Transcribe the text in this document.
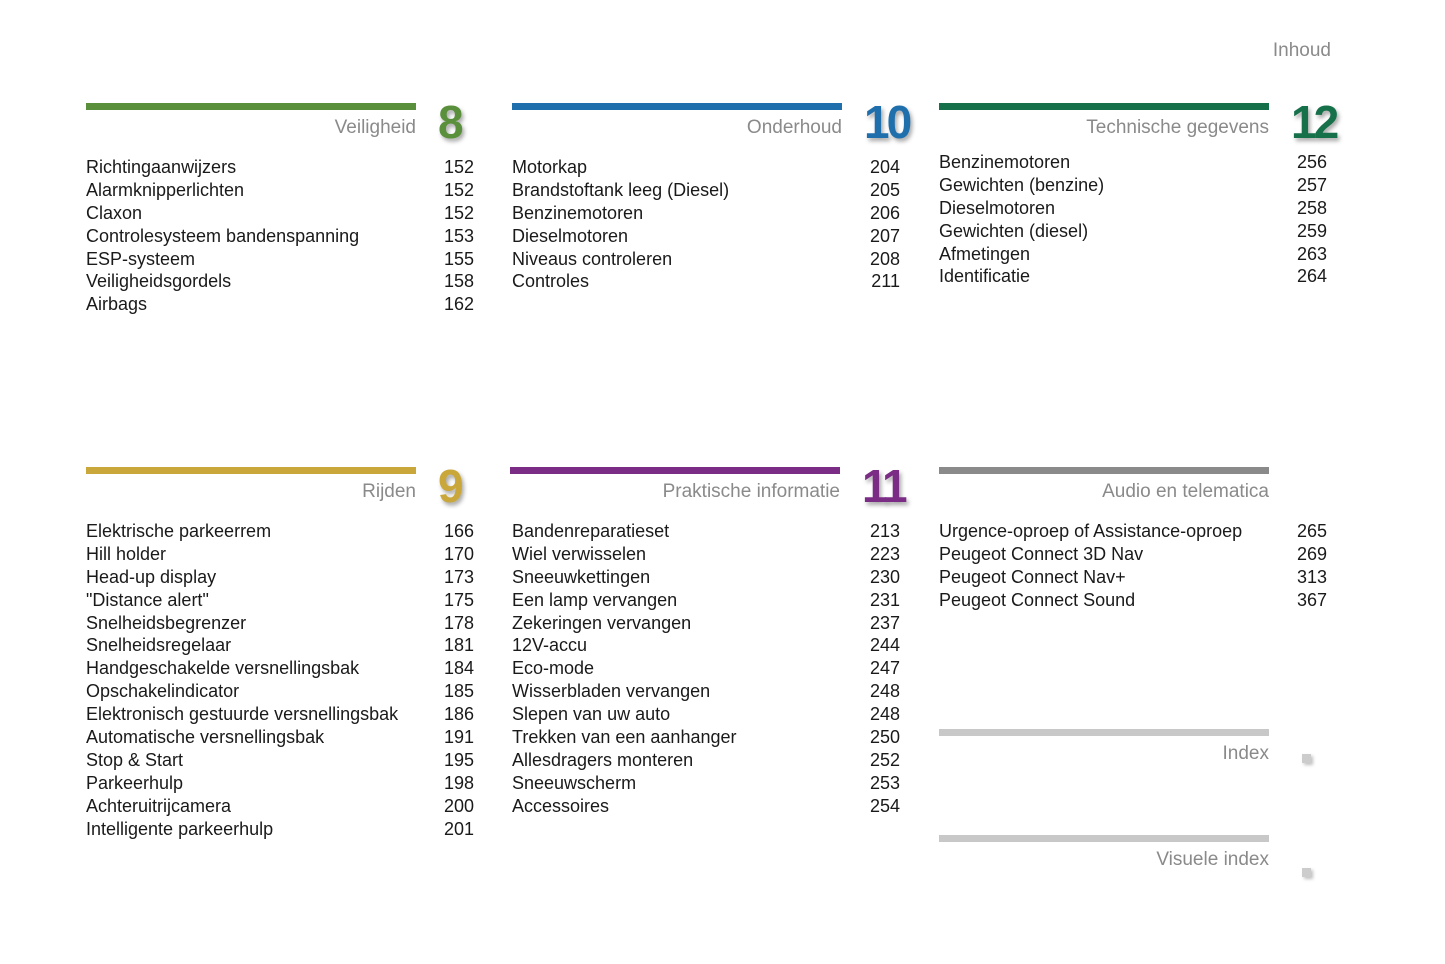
Inhoud
Veiligheid 8
Richtingaanwijzers	152
Alarmknipperlichten	152
Claxon	152
Controlesysteem bandenspanning	153
ESP-systeem	155
Veiligheidsgordels	158
Airbags	162
Onderhoud 10
Motorkap	204
Brandstoftank leeg (Diesel)	205
Benzinemotoren	206
Dieselmotoren	207
Niveaus controleren	208
Controles	211
Technische gegevens 12
Benzinemotoren	256
Gewichten (benzine)	257
Dieselmotoren	258
Gewichten (diesel)	259
Afmetingen	263
Identificatie	264
Rijden 9
Elektrische parkeerrem	166
Hill holder	170
Head-up display	173
"Distance alert"	175
Snelheidsbegrenzer	178
Snelheidsregelaar	181
Handgeschakelde versnellingsbak	184
Opschakelindicator	185
Elektronisch gestuurde versnellingsbak	186
Automatische versnellingsbak	191
Stop & Start	195
Parkeerhulp	198
Achteruitrijcamera	200
Intelligente parkeerhulp	201
Praktische informatie 11
Bandenreparatieset	213
Wiel verwisselen	223
Sneeuwkettingen	230
Een lamp vervangen	231
Zekeringen vervangen	237
12V-accu	244
Eco-mode	247
Wisserbladen vervangen	248
Slepen van uw auto	248
Trekken van een aanhanger	250
Allesdragers monteren	252
Sneeuwscherm	253
Accessoires	254
Audio en telematica
Urgence-oproep of Assistance-oproep	265
Peugeot Connect 3D Nav	269
Peugeot Connect Nav+	313
Peugeot Connect Sound	367
Index
Visuele index
